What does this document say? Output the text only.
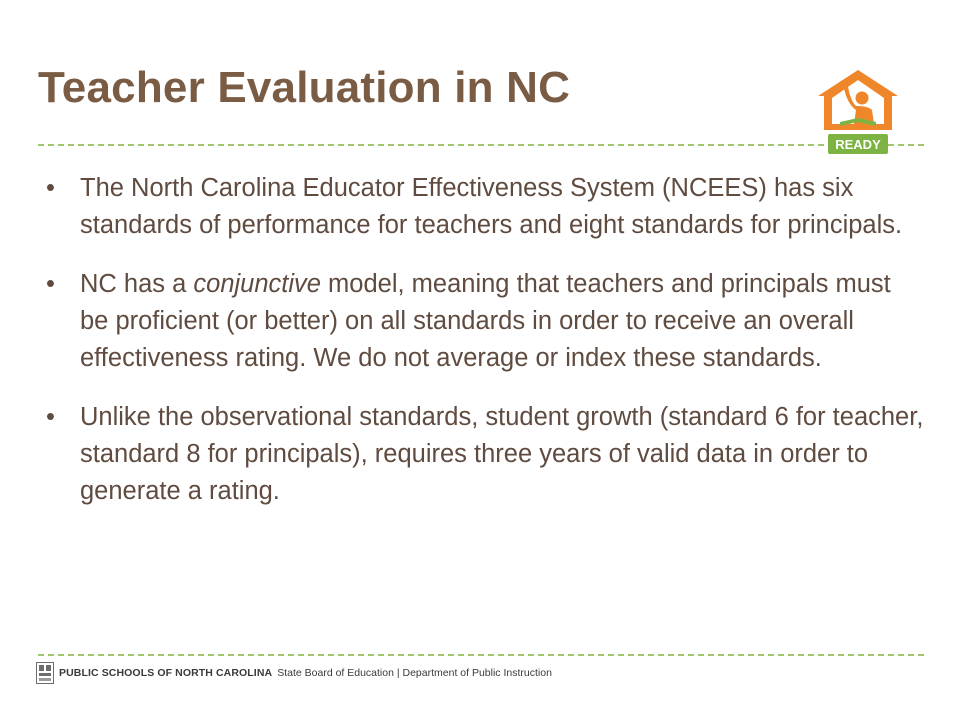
Teacher Evaluation in NC
READY
• The North Carolina Educator Effectiveness System (NCEES) has six standards of performance for teachers and eight standards for principals.
• NC has a conjunctive model, meaning that teachers and principals must be proficient (or better) on all standards in order to receive an overall effectiveness rating. We do not average or index these standards.
• Unlike the observational standards, student growth (standard 6 for teacher, standard 8 for principals), requires three years of valid data in order to generate a rating.
PUBLIC SCHOOLS OF NORTH CAROLINA State Board of Education | Department of Public Instruction
